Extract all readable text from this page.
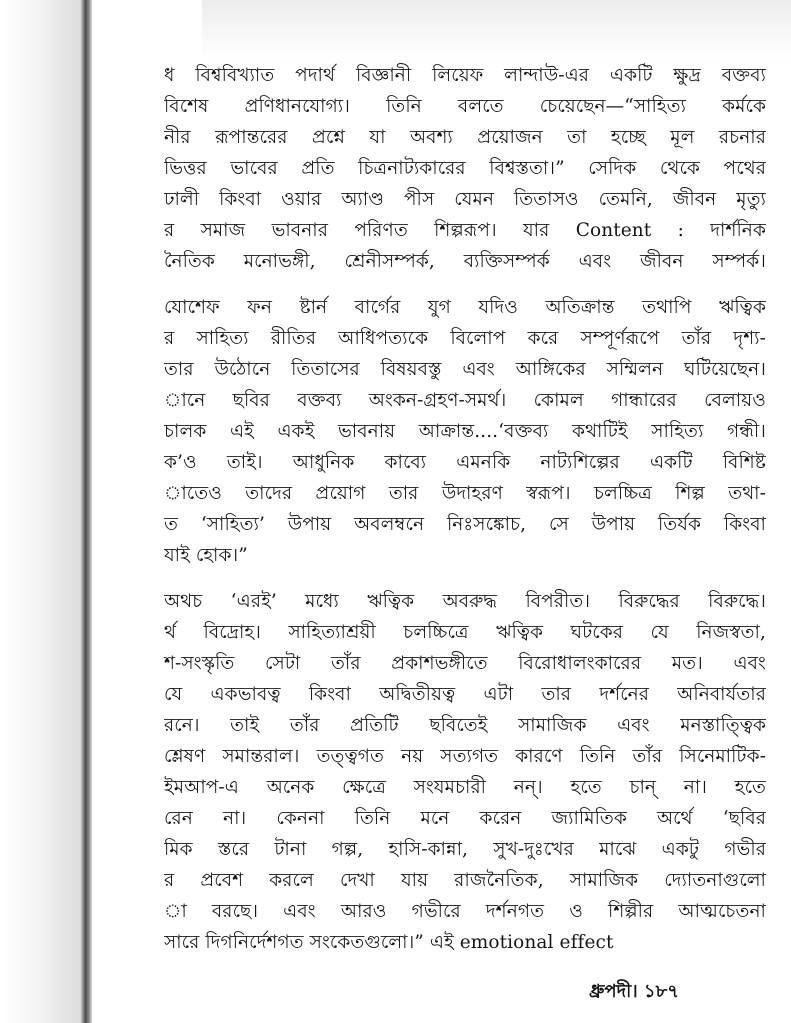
ধ বিশ্ববিখ্যাত পদার্থ বিজ্ঞানী লিয়েফ লান্দাউ-এর একটি ক্ষুদ্র বক্তব্য
বিশেষ প্রণিধানযোগ্য। তিনি বলতে চেয়েছেন—“সাহিত্য কর্মকে
নীর রূপান্তরের প্রশ্নে যা অবশ্য প্রয়োজন তা হচ্ছে মূল রচনার
ভিত্তর ভাবের প্রতি চিত্রনাট্যকারের বিশ্বস্ততা।” সেদিক থেকে পথের
ঢালী কিংবা ওয়ার অ্যাণ্ড পীস যেমন তিতাসও তেমনি, জীবন মৃত্যু
র সমাজ ভাবনার পরিণত শিল্পরূপ। যার Content : দার্শনিক
নৈতিক মনোভঙ্গী, শ্রেনীসম্পর্ক, ব্যক্তিসম্পর্ক এবং জীবন সম্পর্ক।
যোশেফ ফন ষ্টার্ন বার্গের যুগ যদিও অতিক্রান্ত তথাপি ঋত্বিক
র সাহিত্য রীতির আধিপত্যকে বিলোপ করে সম্পূর্ণরূপে তাঁর দৃশ্য-
তার উঠোনে তিতাসের বিষয়বস্তু এবং আঙ্গিকের সম্মিলন ঘটিয়েছেন।
ানে ছবির বক্তব্য অংকন-গ্রহণ-সমর্থ। কোমল গান্ধারের বেলায়ও
চালক এই একই ভাবনায় আক্রান্ত....‘বক্তব্য কথাটিই সাহিত্য গন্ধী।
ক’ও তাই। আধুনিক কাব্যে এমনকি নাট্যশিল্পের একটি বিশিষ্ট
াতেও তাদের প্রয়োগ তার উদাহরণ স্বরূপ। চলচ্চিত্র শিল্প তথা-
ত ‘সাহিত্য’ উপায় অবলম্বনে নিঃসঙ্কোচ, সে উপায় তির্যক কিংবা
যাই হোক।”
অথচ ‘এরই’ মধ্যে ঋত্বিক অবরুদ্ধ বিপরীত। বিরুদ্ধের বিরুদ্ধে।
র্থ বিদ্রোহ। সাহিত্যাশ্রয়ী চলচ্চিত্রে ঋত্বিক ঘটকের যে নিজস্বতা,
শ-সংস্কৃতি সেটা তাঁর প্রকাশভঙ্গীতে বিরোধালংকারের মত। এবং
যে একভাবত্ব কিংবা অদ্বিতীয়ত্ব এটা তার দর্শনের অনিবার্যতার
রনে। তাই তাঁর প্রতিটি ছবিতেই সামাজিক এবং মনস্তাত্ত্বিক
শ্লেষণ সমান্তরাল। তত্ত্বগত নয় সত্যগত কারণে তিনি তাঁর সিনেমাটিক-
ইমআপ-এ অনেক ক্ষেত্রে সংযমচারী নন্। হতে চান্ না। হতে
রেন না। কেননা তিনি মনে করেন জ্যামিতিক অর্থে ‘ছবির
মিক স্তরে টানা গল্প, হাসি-কান্না, সুখ-দুঃখের মাঝে একটু গভীর
র প্রবেশ করলে দেখা যায় রাজনৈতিক, সামাজিক দ্যোতনাগুলো
া বরছে। এবং আরও গভীরে দর্শনগত ও শিল্পীর আত্মচেতনা
সারে দিগনির্দেশগত সংকেতগুলো।” এই emotional effect
ধ্রুপদী। ১৮৭
